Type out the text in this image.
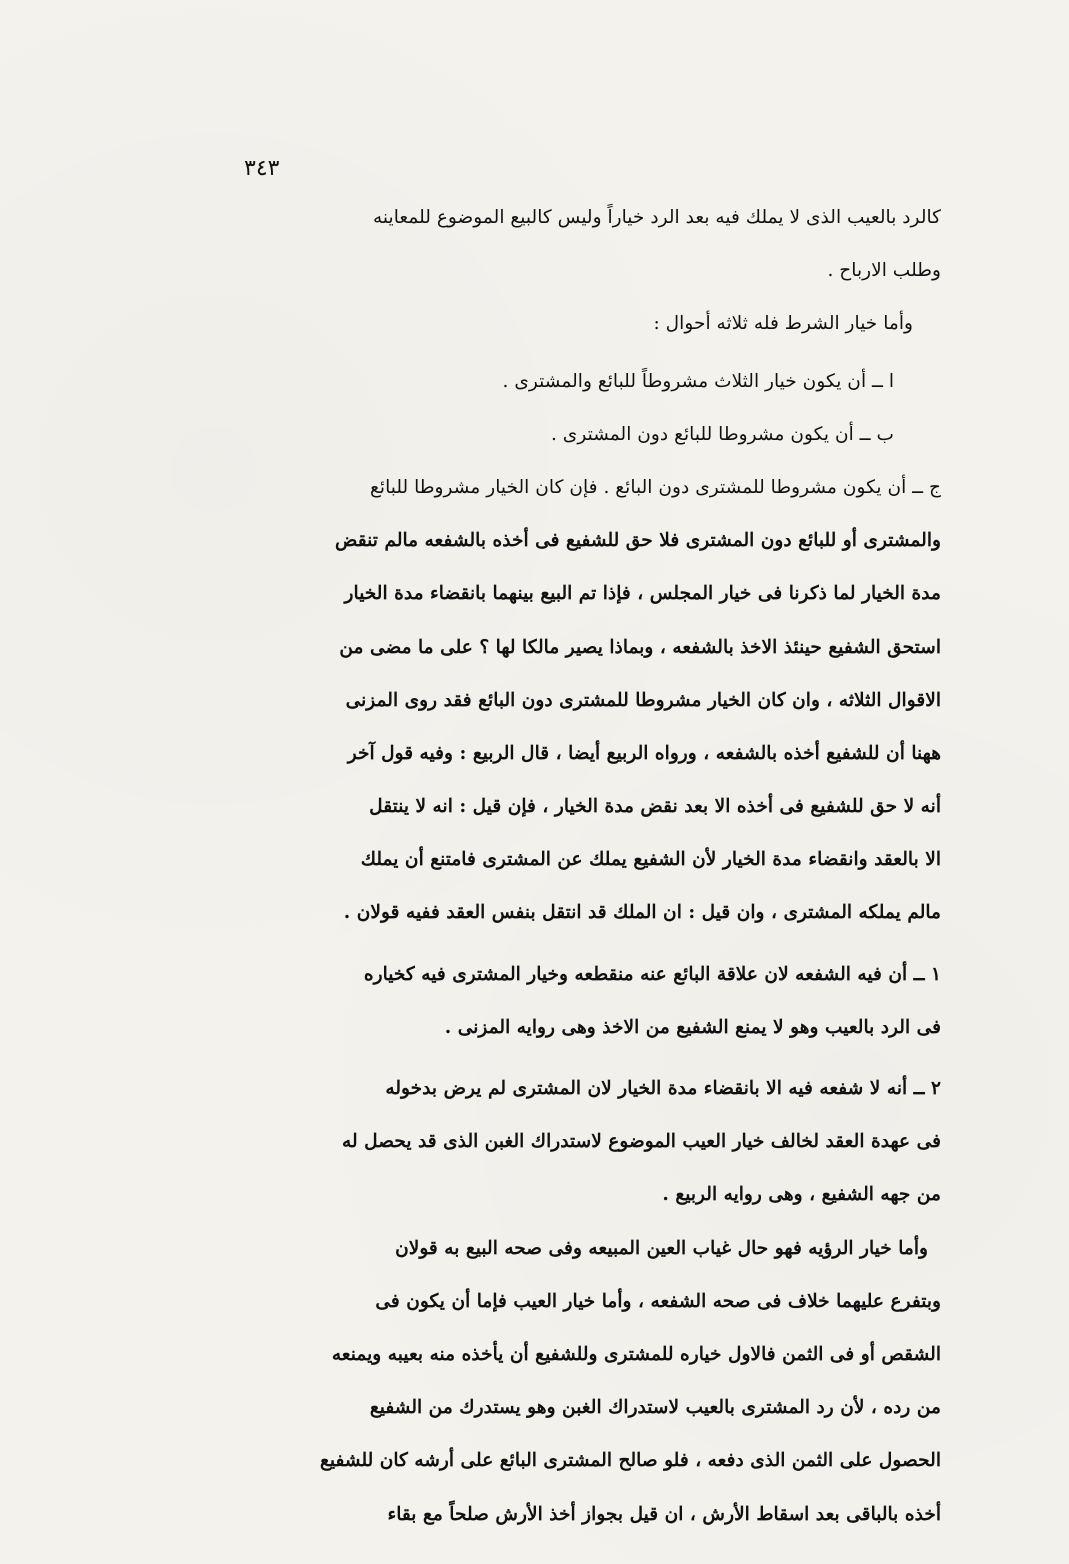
٣٤٣
كالرد بالعيب الذى لا يملك فيه بعد الرد خياراً وليس كالبيع الموضوع للمعاينه
وطلب الارباح .
وأما خيار الشرط فله ثلاثه أحوال :
ا ــ أن يكون خيار الثلاث مشروطاً للبائع والمشترى .
ب ــ أن يكون مشروطا للبائع دون المشترى .
ج ــ أن يكون مشروطا للمشترى دون البائع . فإن كان الخيار مشروطا للبائع
والمشترى أو للبائع دون المشترى فلا حق للشفيع فى أخذه بالشفعه مالم تنقض
مدة الخيار لما ذكرنا فى خيار المجلس ، فإذا تم البيع بينهما بانقضاء مدة الخيار
استحق الشفيع حينئذ الاخذ بالشفعه ، وبماذا يصير مالكا لها ؟ على ما مضى من
الاقوال الثلاثه ، وان كان الخيار مشروطا للمشترى دون البائع فقد روى المزنى
ههنا أن للشفيع أخذه بالشفعه ، ورواه الربيع أيضا ، قال الربيع : وفيه قول آخر
أنه لا حق للشفيع فى أخذه الا بعد نقض مدة الخيار ، فإن قيل : انه لا ينتقل
الا بالعقد وانقضاء مدة الخيار لأن الشفيع يملك عن المشترى فامتنع أن يملك
مالم يملكه المشترى ، وان قيل : ان الملك قد انتقل بنفس العقد ففيه قولان .
١ ــ أن فيه الشفعه لان علاقة البائع عنه منقطعه وخيار المشترى فيه كخياره
فى الرد بالعيب وهو لا يمنع الشفيع من الاخذ وهى روايه المزنى .
٢ ــ أنه لا شفعه فيه الا بانقضاء مدة الخيار لان المشترى لم يرض بدخوله
فى عهدة العقد لخالف خيار العيب الموضوع لاستدراك الغبن الذى قد يحصل له
من جهه الشفيع ، وهى روايه الربيع .
وأما خيار الرؤيه فهو حال غياب العين المبيعه وفى صحه البيع به قولان
وبتفرع عليهما خلاف فى صحه الشفعه ، وأما خيار العيب فإما أن يكون فى
الشقص أو فى الثمن فالاول خياره للمشترى وللشفيع أن يأخذه منه بعيبه ويمنعه
من رده ، لأن رد المشترى بالعيب لاستدراك الغبن وهو يستدرك من الشفيع
الحصول على الثمن الذى دفعه ، فلو صالح المشترى البائع على أرشه كان للشفيع
أخذه بالباقى بعد اسقاط الأرش ، ان قيل بجواز أخذ الأرش صلحاً مع بقاء
